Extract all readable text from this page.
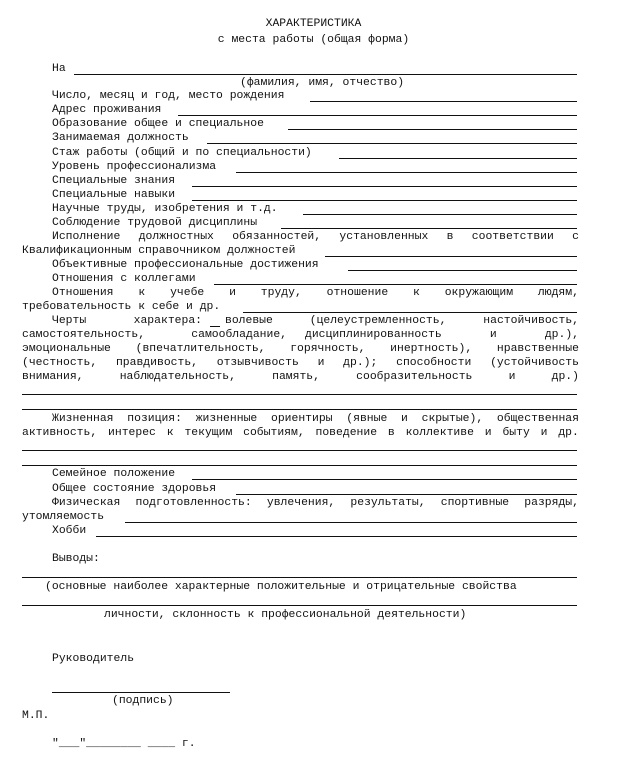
ХАРАКТЕРИСТИКА
с места работы (общая форма)
На
(фамилия, имя, отчество)
Число, месяц и год, место рождения
Адрес проживания
Образование общее и специальное
Занимаемая должность
Стаж работы (общий и по специальности)
Уровень профессионализма
Специальные знания
Специальные навыки
Научные труды, изобретения и т.д.
Соблюдение трудовой дисциплины
Исполнение должностных обязанностей, установленных в соответствии с
Квалификационным справочником должностей
Объективные профессиональные достижения
Отношения с коллегами
Отношения к учебе и труду, отношение к окружающим людям,
требовательность к себе и др.
Черты	характера: волевые	(целеустремленность,	настойчивость,
самостоятельность,	самообладание, дисциплинированность	и	др.),
эмоциональные (впечатлительность, горячность, инертность), нравственные
(честность, правдивость, отзывчивость и др.); способности (устойчивость
внимания,	наблюдательность,	память,	сообразительность	и	др.)
Жизненная позиция: жизненные ориентиры (явные и скрытые), общественная
активность, интерес к текущим событиям, поведение в коллективе и быту и др.
Семейное положение
Общее состояние здоровья
Физическая подготовленность: увлечения, результаты, спортивные разряды,
утомляемость
Хобби
Выводы:
(основные наиболее характерные положительные и отрицательные свойства
личности, склонность к профессиональной деятельности)
Руководитель
(подпись)
М.П.
"___"________ ____ г.
